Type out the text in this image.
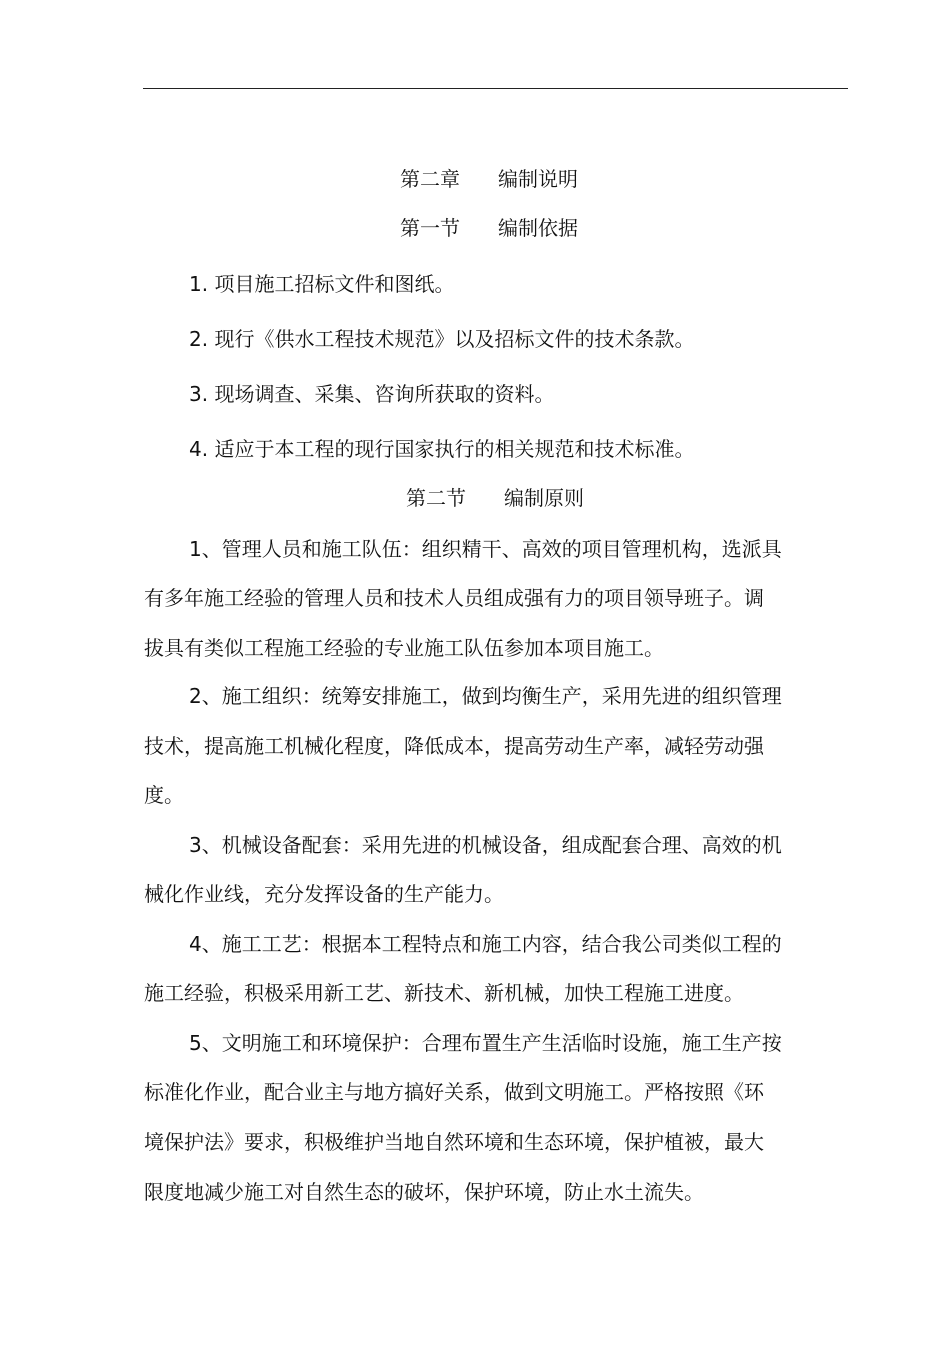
第二章 编制说明
第一节 编制依据
1. 项目施工招标文件和图纸。
2. 现行《供水工程技术规范》以及招标文件的技术条款。
3. 现场调查、采集、咨询所获取的资料。
4. 适应于本工程的现行国家执行的相关规范和技术标准。
第二节 编制原则
1、管理人员和施工队伍：组织精干、高效的项目管理机构，选派具
有多年施工经验的管理人员和技术人员组成强有力的项目领导班子。调
拔具有类似工程施工经验的专业施工队伍参加本项目施工。
2、施工组织：统筹安排施工，做到均衡生产，采用先进的组织管理
技术，提高施工机械化程度，降低成本，提高劳动生产率，减轻劳动强
度。
3、机械设备配套：采用先进的机械设备，组成配套合理、高效的机
械化作业线，充分发挥设备的生产能力。
4、施工工艺：根据本工程特点和施工内容，结合我公司类似工程的
施工经验，积极采用新工艺、新技术、新机械，加快工程施工进度。
5、文明施工和环境保护：合理布置生产生活临时设施，施工生产按
标准化作业，配合业主与地方搞好关系，做到文明施工。严格按照《环
境保护法》要求，积极维护当地自然环境和生态环境，保护植被，最大
限度地减少施工对自然生态的破坏，保护环境，防止水土流失。
